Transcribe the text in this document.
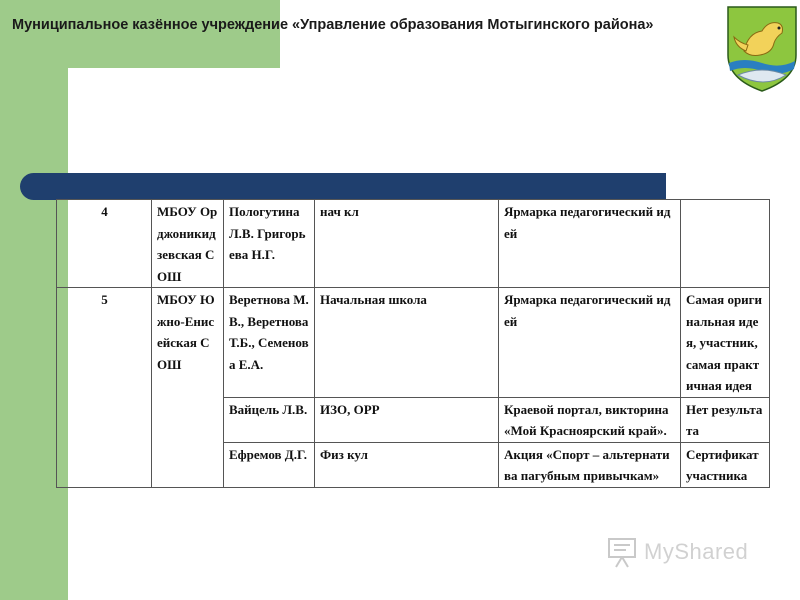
Муниципальное казённое учреждение «Управление образования Мотыгинского района»
4	МБОУ Орджоникидзевская СОШ	Пологутина Л.В. Григорьева Н.Г.	нач кл	Ярмарка педагогический идей	
5	МБОУ Южно-Енисейская СОШ	Веретнова М.В., Веретнова Т.Б., Семенова Е.А.	Начальная школа	Ярмарка педагогический идей	Самая оригинальная идея, участник, самая практичная идея
		Вайцель Л.В.	ИЗО, ОРР	Краевой портал, викторина «Мой Красноярский край».	Нет результата
		Ефремов Д.Г.	Физ кул	Акция «Спорт – альтернатива пагубным привычкам»	Сертификат участника
MyShared
